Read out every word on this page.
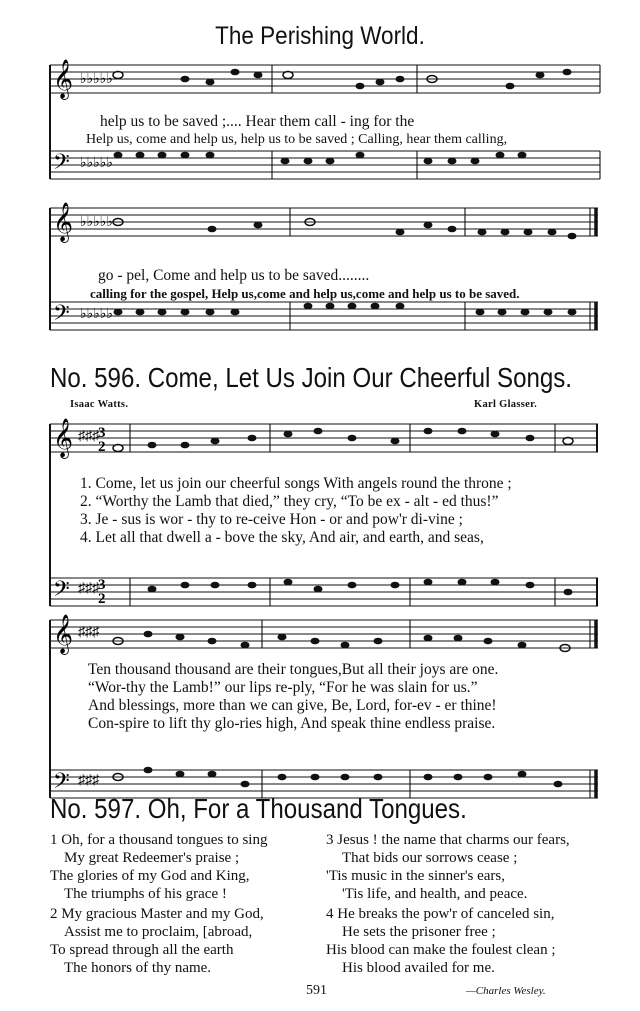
The Perishing World.
𝄞
𝄢
♭♭♭♭♭
♭♭♭♭♭
help us to be saved ;.... Hear them call - ing for the
Help us, come and help us, help us to be saved ; Calling, hear them calling,
𝄞
𝄢
♭♭♭♭♭
♭♭♭♭♭
go - pel, Come and help us to be saved........
calling for the gospel, Help us,come and help us,come and help us to be saved.
No. 596. Come, Let Us Join Our Cheerful Songs.
Isaac Watts.	Karl Glasser.
𝄞
𝄢
♯♯♯
♯♯♯
3
2
3
2
1. Come, let us join our cheerful songs With angels round the throne ;
2. “Worthy the Lamb that died,” they cry, “To be ex - alt - ed thus!”
3. Je - sus is wor - thy to re-ceive Hon - or and pow'r di-vine ;
4. Let all that dwell a - bove the sky, And air, and earth, and seas,
𝄞
𝄢
♯♯♯
♯♯♯
Ten thousand thousand are their tongues,But all their joys are one.
“Wor-thy the Lamb!” our lips re-ply, “For he was slain for us.”
And blessings, more than we can give, Be, Lord, for-ev - er thine!
Con-spire to lift thy glo-ries high, And speak thine endless praise.
No. 597. Oh, For a Thousand Tongues.
1 Oh, for a thousand tongues to sing
My great Redeemer's praise ;
The glories of my God and King,
The triumphs of his grace !
2 My gracious Master and my God,
Assist me to proclaim, [abroad,
To spread through all the earth
The honors of thy name.
3 Jesus ! the name that charms our fears,
That bids our sorrows cease ;
'Tis music in the sinner's ears,
'Tis life, and health, and peace.
4 He breaks the pow'r of canceled sin,
He sets the prisoner free ;
His blood can make the foulest clean ;
His blood availed for me.
591	—Charles Wesley.
